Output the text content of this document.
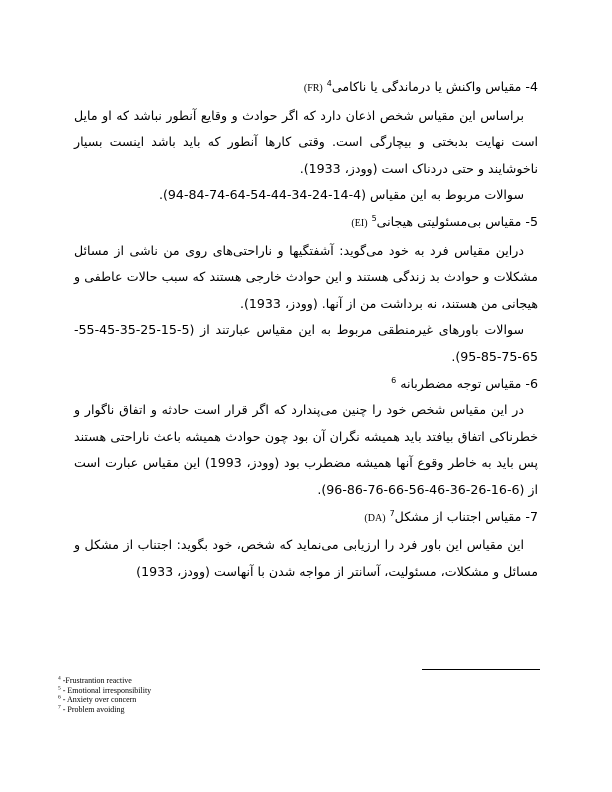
4- مقیاس واکنش یا درماندگی یا ناکامی$^4$ (FR)

براساس این مقیاس شخص اذعان دارد که اگر حوادث و وقایع آنطور نباشد که او مایل است نهایت بدبختی و بیچارگی است. وقتی کارها آنطور که باید باشد اینست بسیار ناخوشایند و حتی دردناک است (وودز، 1933).

سوالات مربوط به این مقیاس (4-14-24-34-44-54-64-74-84-94).

5- مقیاس بی‌مسئولیتی هیجانی$^5$ (EI)

دراین مقیاس فرد به خود می‌گوید: آشفتگیها و ناراحتی‌های روی من ناشی از مسائل مشکلات و حوادث بد زندگی هستند و این حوادث خارجی هستند که سبب حالات عاطفی و هیجانی من هستند، نه برداشت من از آنها. (وودز، 1933).

سوالات باورهای غیرمنطقی مربوط به این مقیاس عبارتند از (5-15-25-35-45-55-65-75-85-95).

6- مقیاس توجه مضطربانه $^6$

در این مقیاس شخص خود را چنین می‌پندارد که اگر قرار است حادثه و اتفاق ناگوار و خطرناکی اتفاق بیافتد باید همیشه نگران آن بود چون حوادث همیشه باعث ناراحتی هستند پس باید به خاطر وقوع آنها همیشه مضطرب بود (وودز، 1993) این مقیاس عبارت است از (6-16-26-36-46-56-66-76-86-96).

7- مقیاس اجتناب از مشکل$^7$ (DA)

این مقیاس این باور فرد را ارزیابی می‌نماید که شخص، خود بگوید: اجتناب از مشکل و مسائل و مشکلات، مسئولیت، آسانتر از مواجه شدن با آنهاست (وودز، 1933)

$^4$ -Frustrantion reactive
$^5$ - Emotional irresponsibility
$^6$ - Anxiety over concern
$^7$ - Problem avoiding
